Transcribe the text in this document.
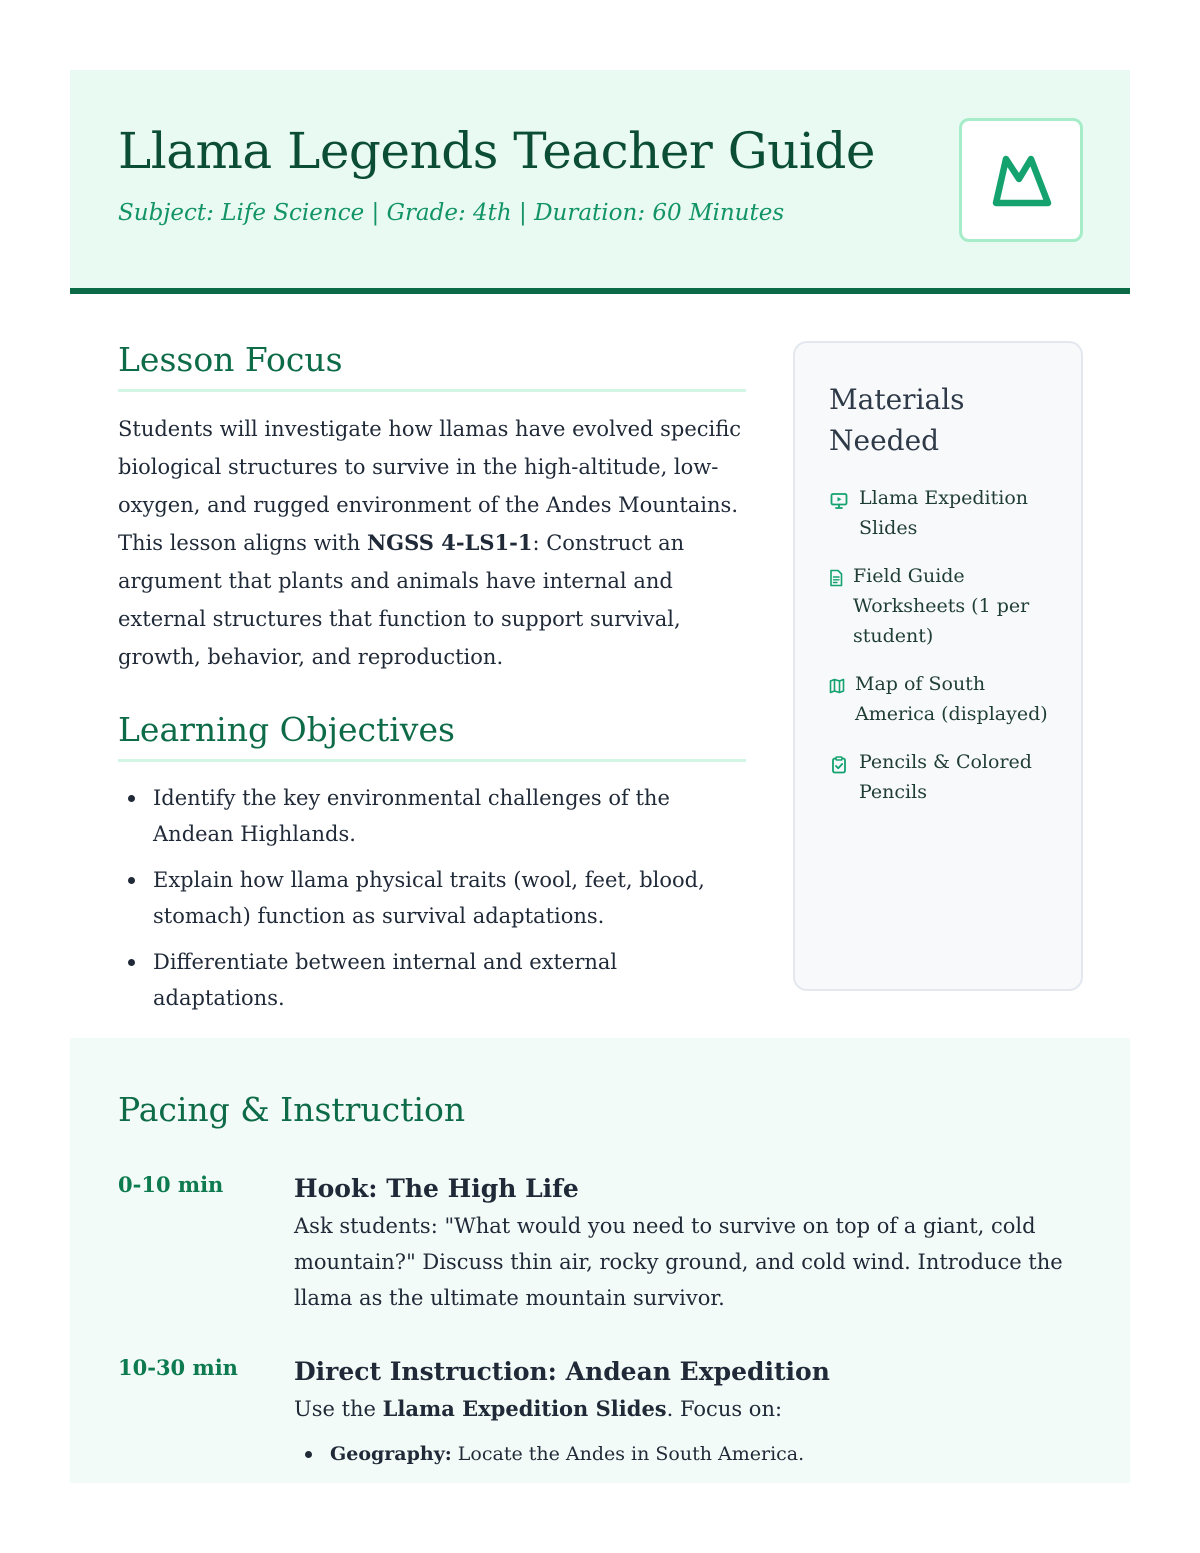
Llama Legends Teacher Guide
Subject: Life Science | Grade: 4th | Duration: 60 Minutes
Lesson Focus

Students will investigate how llamas have evolved specific biological structures to survive in the high-altitude, low-oxygen, and rugged environment of the Andes Mountains. This lesson aligns with NGSS 4-LS1-1: Construct an argument that plants and animals have internal and external structures that function to support survival, growth, behavior, and reproduction.

Learning Objectives
Identify the key environmental challenges of the Andean Highlands.
Explain how llama physical traits (wool, feet, blood, stomach) function as survival adaptations.
Differentiate between internal and external adaptations.
Materials Needed
Llama Expedition Slides
Field Guide Worksheets (1 per student)
Map of South America (displayed)
Pencils & Colored Pencils
Pacing & Instruction
0-10 min	Hook: The High Life

Ask students: "What would you need to survive on top of a giant, cold mountain?" Discuss thin air, rocky ground, and cold wind. Introduce the llama as the ultimate mountain survivor.

10-30 min Direct Instruction: Andean Expedition

Use the Llama Expedition Slides. Focus on:

Geography: Locate the Andes in South America.
